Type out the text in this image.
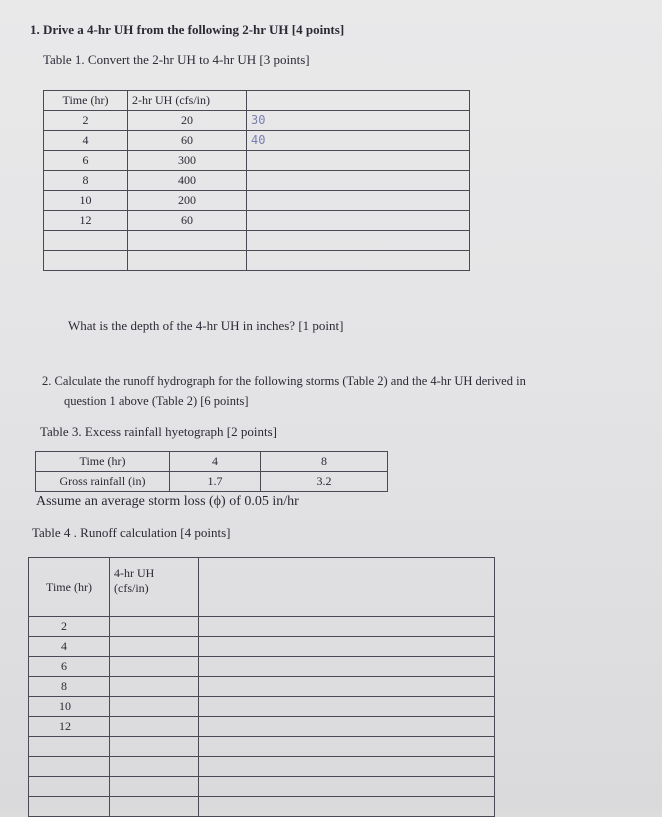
1. Drive a 4-hr UH from the following 2-hr UH [4 points]
Table 1. Convert the 2-hr UH to 4-hr UH [3 points]
Time (hr)	2-hr UH (cfs/in)	
2	20	30
4	60	40
6	300	
8	400	
10	200	
12	60	

What is the depth of the 4-hr UH in inches? [1 point]
2. Calculate the runoff hydrograph for the following storms (Table 2) and the 4-hr UH derived in
question 1 above (Table 2) [6 points]
Table 3. Excess rainfall hyetograph [2 points]
Time (hr)	4	8
Gross rainfall (in)	1.7	3.2
Assume an average storm loss (ϕ) of 0.05 in/hr
Table 4 . Runoff calculation [4 points]
Time (hr)	4-hr UH
(cfs/in)	

2		
4		
6		
8		
10		
12		
